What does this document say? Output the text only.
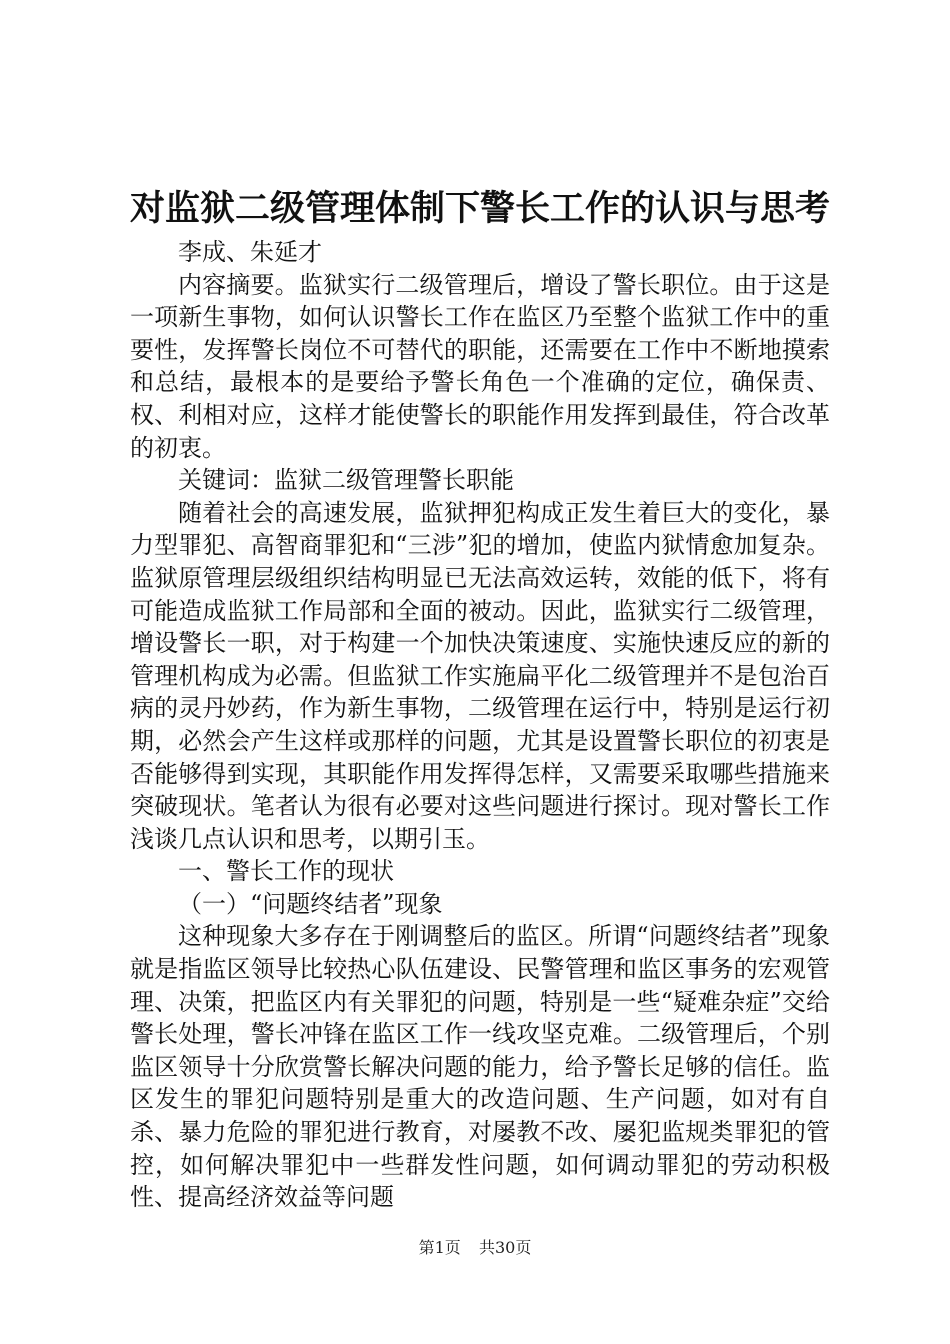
对监狱二级管理体制下警长工作的认识与思考

李成、朱延才

内容摘要。监狱实行二级管理后，增设了警长职位。由于这是一项新生事物，如何认识警长工作在监区乃至整个监狱工作中的重要性，发挥警长岗位不可替代的职能，还需要在工作中不断地摸索和总结，最根本的是要给予警长角色一个准确的定位，确保责、权、利相对应，这样才能使警长的职能作用发挥到最佳，符合改革的初衷。

关键词：监狱二级管理警长职能

随着社会的高速发展，监狱押犯构成正发生着巨大的变化，暴力型罪犯、高智商罪犯和“三涉”犯的增加，使监内狱情愈加复杂。监狱原管理层级组织结构明显已无法高效运转，效能的低下，将有可能造成监狱工作局部和全面的被动。因此，监狱实行二级管理，增设警长一职，对于构建一个加快决策速度、实施快速反应的新的管理机构成为必需。但监狱工作实施扁平化二级管理并不是包治百病的灵丹妙药，作为新生事物，二级管理在运行中，特别是运行初期，必然会产生这样或那样的问题，尤其是设置警长职位的初衷是否能够得到实现，其职能作用发挥得怎样，又需要采取哪些措施来突破现状。笔者认为很有必要对这些问题进行探讨。现对警长工作浅谈几点认识和思考，以期引玉。

一、警长工作的现状

（一）“问题终结者”现象

这种现象大多存在于刚调整后的监区。所谓“问题终结者”现象就是指监区领导比较热心队伍建设、民警管理和监区事务的宏观管理、决策，把监区内有关罪犯的问题，特别是一些“疑难杂症”交给警长处理，警长冲锋在监区工作一线攻坚克难。二级管理后，个别监区领导十分欣赏警长解决问题的能力，给予警长足够的信任。监区发生的罪犯问题特别是重大的改造问题、生产问题，如对有自杀、暴力危险的罪犯进行教育，对屡教不改、屡犯监规类罪犯的管控，如何解决罪犯中一些群发性问题，如何调动罪犯的劳动积极性、提高经济效益等问题

第1页 共30页
